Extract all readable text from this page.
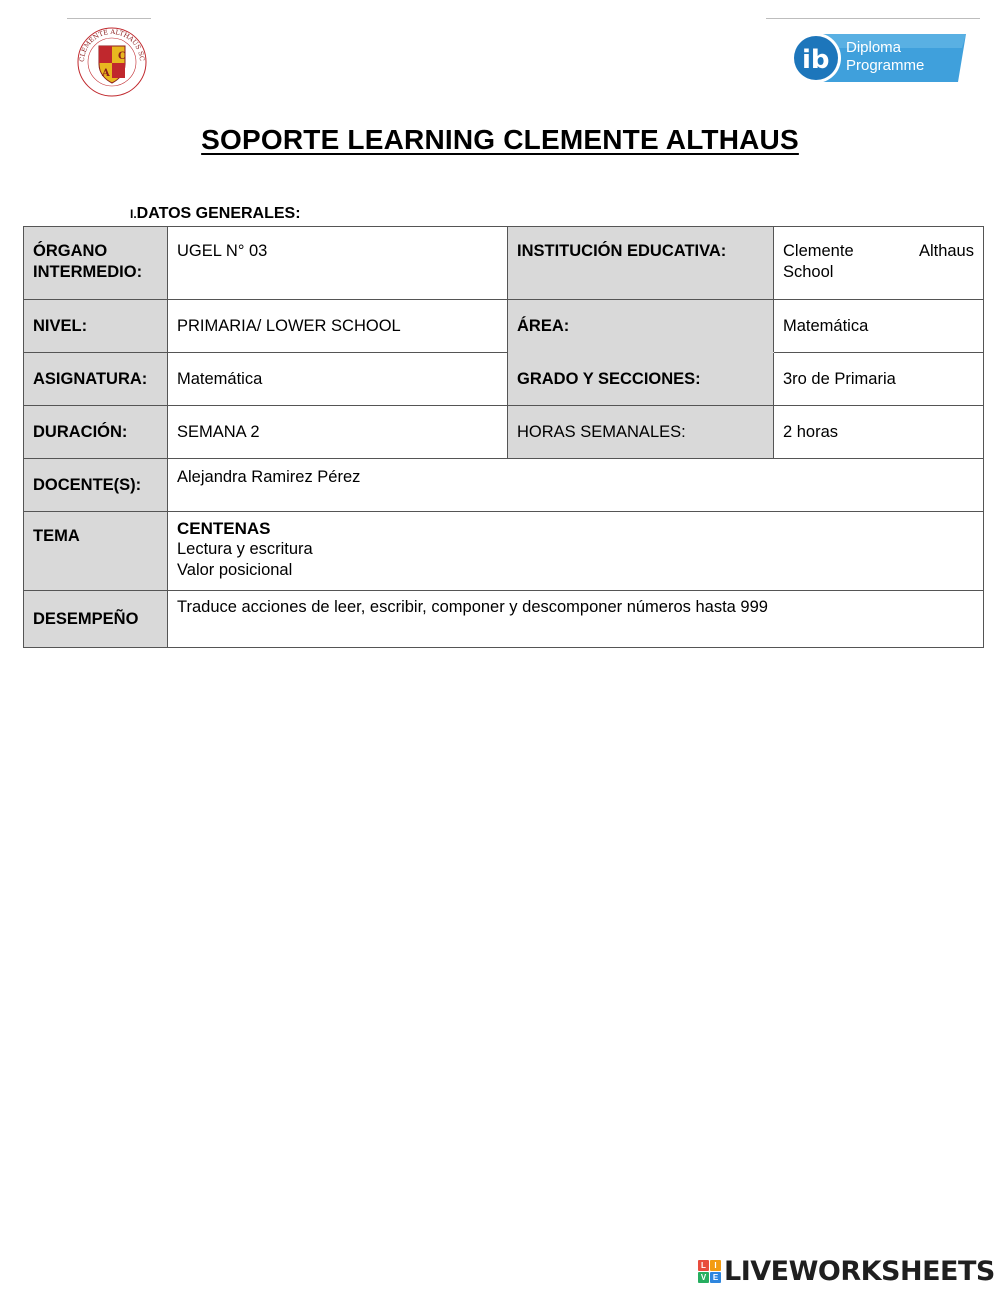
C
A
CLEMENTE ALTHAUS SC	ib Diploma
Programme
SOPORTE LEARNING CLEMENTE ALTHAUS
I.DATOS GENERALES:
ÓRGANO INTERMEDIO:	UGEL N° 03	INSTITUCIÓN EDUCATIVA:	Clemente Althaus
School

NIVEL:	PRIMARIA/ LOWER SCHOOL	ÁREA:	Matemática
ASIGNATURA:	Matemática	GRADO Y SECCIONES:	3ro de Primaria
DURACIÓN:	SEMANA 2	HORAS SEMANALES:	2 horas
DOCENTE(S):	Alejandra Ramirez Pérez		
TEMA	CENTENAS
Lectura y escritura
Valor posicional		

DESEMPEÑO	Traduce acciones de leer, escribir, componer y descomponer números hasta 999		
L	I
V E LIVEWORKSHEETS
